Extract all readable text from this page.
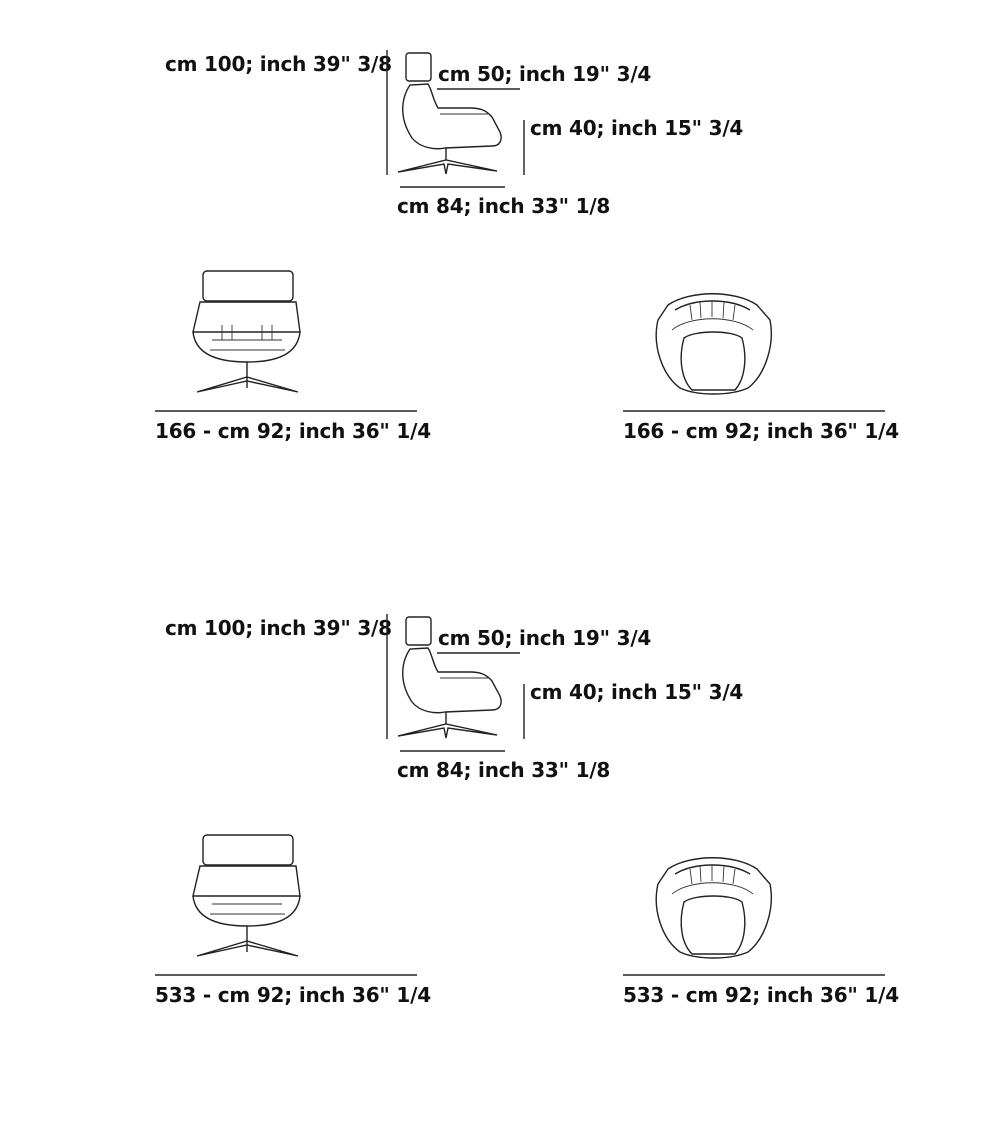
cm 100; inch 39" 3/8 cm 50; inch 19" 3/4
cm 40; inch 15" 3/4
cm 84; inch 33" 1/8
166 - cm 92; inch 36" 1/4	166 - cm 92; inch 36" 1/4
cm 100; inch 39" 3/8 cm 50; inch 19" 3/4
cm 40; inch 15" 3/4
cm 84; inch 33" 1/8
533 - cm 92; inch 36" 1/4	533 - cm 92; inch 36" 1/4
